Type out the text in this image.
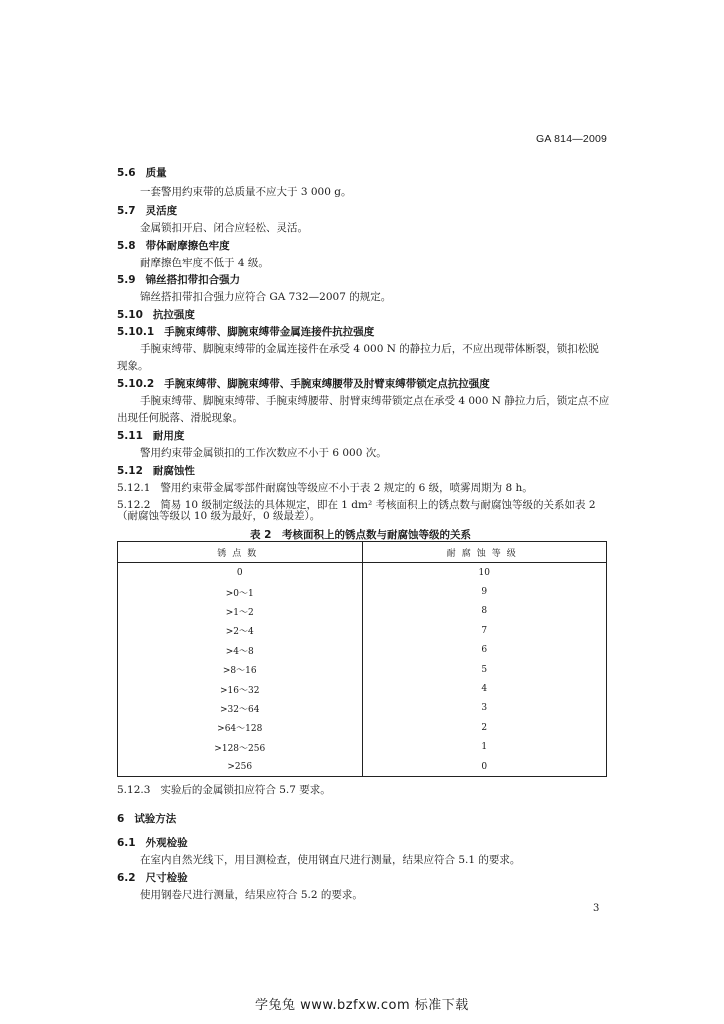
GA 814—2009
5.6 质量
一套警用约束带的总质量不应大于 3 000 g。
5.7 灵活度
金属锁扣开启、闭合应轻松、灵活。
5.8 带体耐摩擦色牢度
耐摩擦色牢度不低于 4 级。
5.9 锦丝搭扣带扣合强力
锦丝搭扣带扣合强力应符合 GA 732—2007 的规定。
5.10 抗拉强度
5.10.1 手腕束缚带、脚腕束缚带金属连接件抗拉强度
手腕束缚带、脚腕束缚带的金属连接件在承受 4 000 N 的静拉力后，不应出现带体断裂，锁扣松脱
现象。
5.10.2 手腕束缚带、脚腕束缚带、手腕束缚腰带及肘臂束缚带锁定点抗拉强度
手腕束缚带、脚腕束缚带、手腕束缚腰带、肘臂束缚带锁定点在承受 4 000 N 静拉力后，锁定点不应
出现任何脱落、滑脱现象。
5.11 耐用度
警用约束带金属锁扣的工作次数应不小于 6 000 次。
5.12 耐腐蚀性
5.12.1 警用约束带金属零部件耐腐蚀等级应不小于表 2 规定的 6 级，喷雾周期为 8 h。
5.12.2 简易 10 级制定级法的具体规定，即在 1 dm² 考核面积上的锈点数与耐腐蚀等级的关系如表 2
（耐腐蚀等级以 10 级为最好，0 级最差）。
表 2　考核面积上的锈点数与耐腐蚀等级的关系
锈点数	耐腐蚀等级
0	10
>0～1	9
>1～2	8
>2～4	7
>4～8	6
>8～16	5
>16～32	4
>32～64	3
>64～128	2
>128～256	1
>256	0
5.12.3 实验后的金属锁扣应符合 5.7 要求。
6 试验方法
6.1 外观检验
在室内自然光线下，用目测检查，使用钢直尺进行测量，结果应符合 5.1 的要求。
6.2 尺寸检验
使用钢卷尺进行测量，结果应符合 5.2 的要求。
3
学兔兔 www.bzfxw.com 标准下载
